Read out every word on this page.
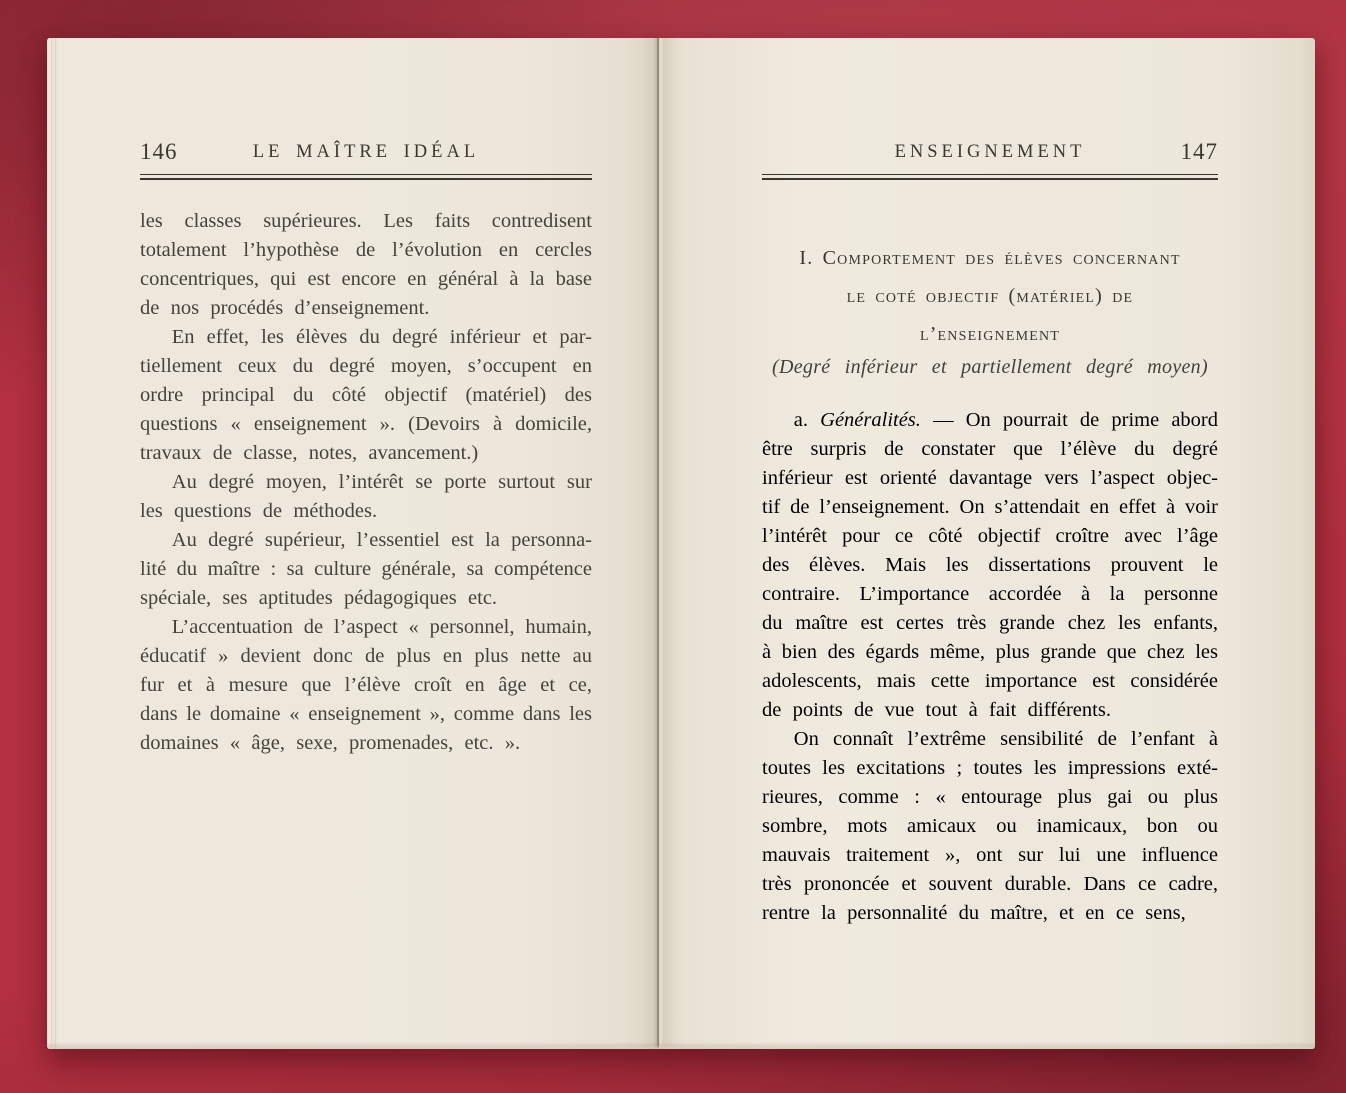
146	LE MAÎTRE IDÉAL
les classes supérieures. Les faits contredisent
totalement l’hypothèse de l’évolution en cercles
concentriques, qui est encore en général à la base
de nos procédés d’enseignement.
En effet, les élèves du degré inférieur et par-
tiellement ceux du degré moyen, s’occupent en
ordre principal du côté objectif (matériel) des
questions « enseignement ». (Devoirs à domicile,
travaux de classe, notes, avancement.)
Au degré moyen, l’intérêt se porte surtout sur
les questions de méthodes.
Au degré supérieur, l’essentiel est la personna-
lité du maître : sa culture générale, sa compétence
spéciale, ses aptitudes pédagogiques etc.
L’accentuation de l’aspect « personnel, humain,
éducatif » devient donc de plus en plus nette au
fur et à mesure que l’élève croît en âge et ce,
dans le domaine « enseignement », comme dans les
domaines « âge, sexe, promenades, etc. ».
ENSEIGNEMENT	147
I. Comportement des élèves concernant
le coté objectif (matériel) de
l’enseignement
(Degré inférieur et partiellement degré moyen)
a. Généralités. — On pourrait de prime abord
être surpris de constater que l’élève du degré
inférieur est orienté davantage vers l’aspect objec-
tif de l’enseignement. On s’attendait en effet à voir
l’intérêt pour ce côté objectif croître avec l’âge
des élèves. Mais les dissertations prouvent le
contraire. L’importance accordée à la personne
du maître est certes très grande chez les enfants,
à bien des égards même, plus grande que chez les
adolescents, mais cette importance est considérée
de points de vue tout à fait différents.
On connaît l’extrême sensibilité de l’enfant à
toutes les excitations ; toutes les impressions exté-
rieures, comme : « entourage plus gai ou plus
sombre, mots amicaux ou inamicaux, bon ou
mauvais traitement », ont sur lui une influence
très prononcée et souvent durable. Dans ce cadre,
rentre la personnalité du maître, et en ce sens,
